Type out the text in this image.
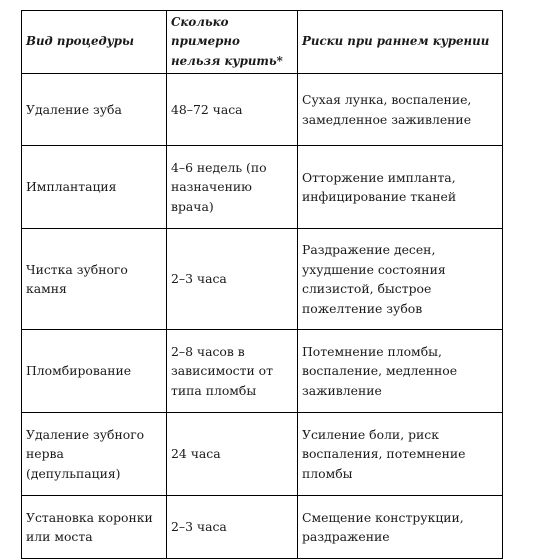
Вид процедуры	Сколько примерно нельзя курить*	Риски при раннем курении
Удаление зуба	48–72 часа	Сухая лунка, воспаление, замедленное заживление
Имплантация	4–6 недель (по назначению врача)	Отторжение импланта, инфицирование тканей
Чистка зубного камня	2–3 часа	Раздражение десен, ухудшение состояния слизистой, быстрое пожелтение зубов
Пломбирование	2–8 часов в зависимости от типа пломбы	Потемнение пломбы, воспаление, медленное заживление
Удаление зубного нерва (депульпация)	24 часа	Усиление боли, риск воспаления, потемнение пломбы
Установка коронки или моста	2–3 часа	Смещение конструкции, раздражение
